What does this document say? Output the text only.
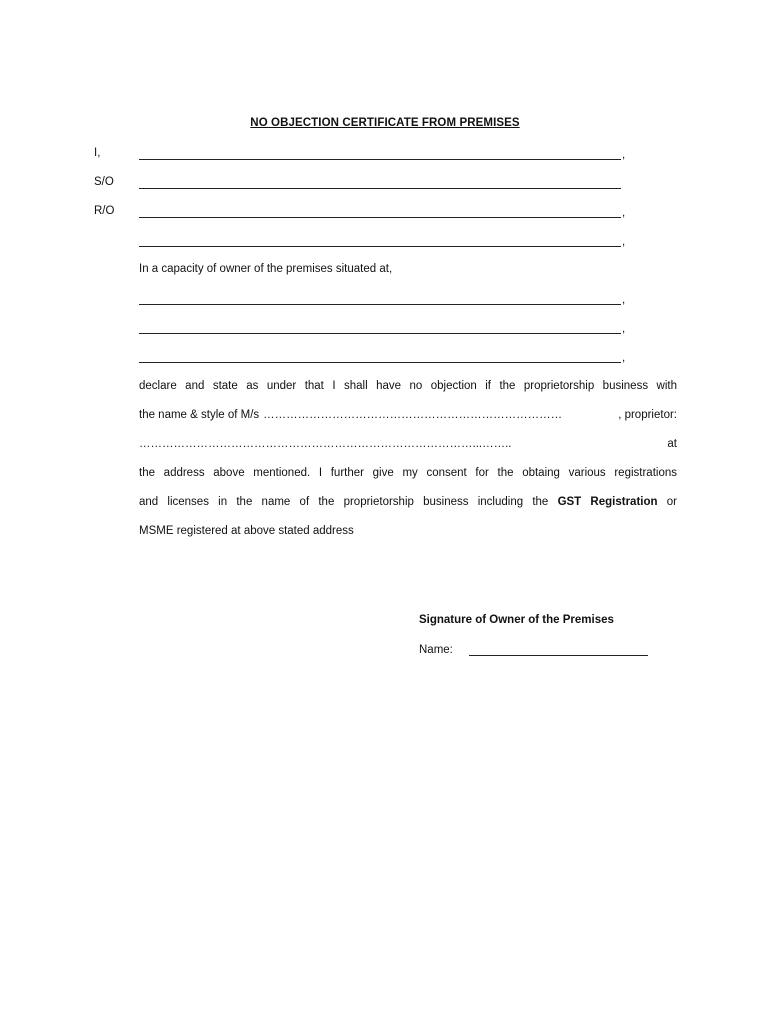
NO OBJECTION CERTIFICATE FROM PREMISES
I,	,
S/O
R/O	,
,
In a capacity of owner of the premises situated at,
,
,
,
declare and state as under that I shall have no objection if the proprietorship business with
the name & style of M/s ……………………………………………………………………	, proprietor:
……………………………………………………………………………...……..	at
the address above mentioned. I further give my consent for the obtaing various registrations
and licenses in the name of the proprietorship business including the GST Registration or
MSME registered at above stated address
Signature of Owner of the Premises
Name:
